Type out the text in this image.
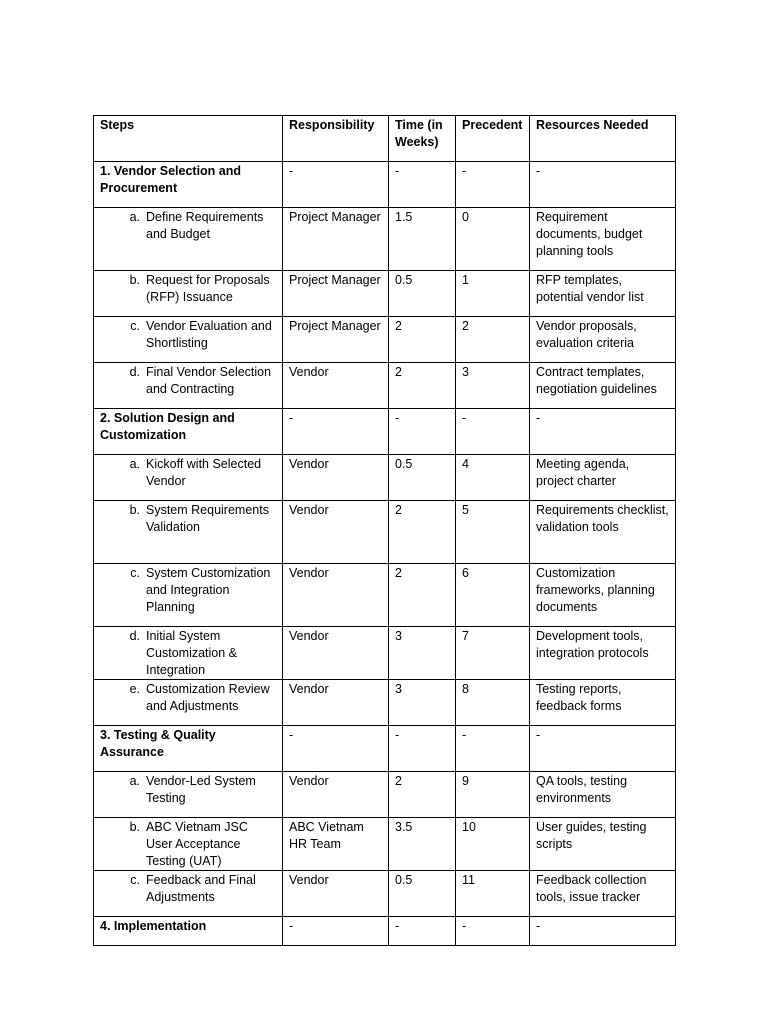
Steps	Responsibility	Time (in Weeks)	Precedent	Resources Needed
1. Vendor Selection and Procurement	-	-	-	-

a. Define Requirements and Budget	Project Manager	1.5	0	Requirement documents, budget planning tools

b. Request for Proposals (RFP) Issuance	Project Manager	0.5	1	RFP templates, potential vendor list

c. Vendor Evaluation and Shortlisting	Project Manager	2	2	Vendor proposals, evaluation criteria

d. Final Vendor Selection and Contracting	Vendor	2	3	Contract templates, negotiation guidelines
2. Solution Design and Customization	-	-	-	-

a. Kickoff with Selected Vendor	Vendor	0.5	4	Meeting agenda, project charter

b. System Requirements Validation	Vendor	2	5	Requirements checklist, validation tools

c. System Customization and Integration Planning	Vendor	2	6	Customization frameworks, planning documents

d. Initial System Customization & Integration	Vendor	3	7	Development tools, integration protocols

e. Customization Review and Adjustments	Vendor	3	8	Testing reports, feedback forms
3. Testing & Quality Assurance	-	-	-	-

a. Vendor-Led System Testing	Vendor	2	9	QA tools, testing environments

b. ABC Vietnam JSC User Acceptance Testing (UAT)	ABC Vietnam HR Team	3.5	10	User guides, testing scripts

c. Feedback and Final Adjustments	Vendor	0.5	11	Feedback collection tools, issue tracker
4. Implementation	-	-	-	-
